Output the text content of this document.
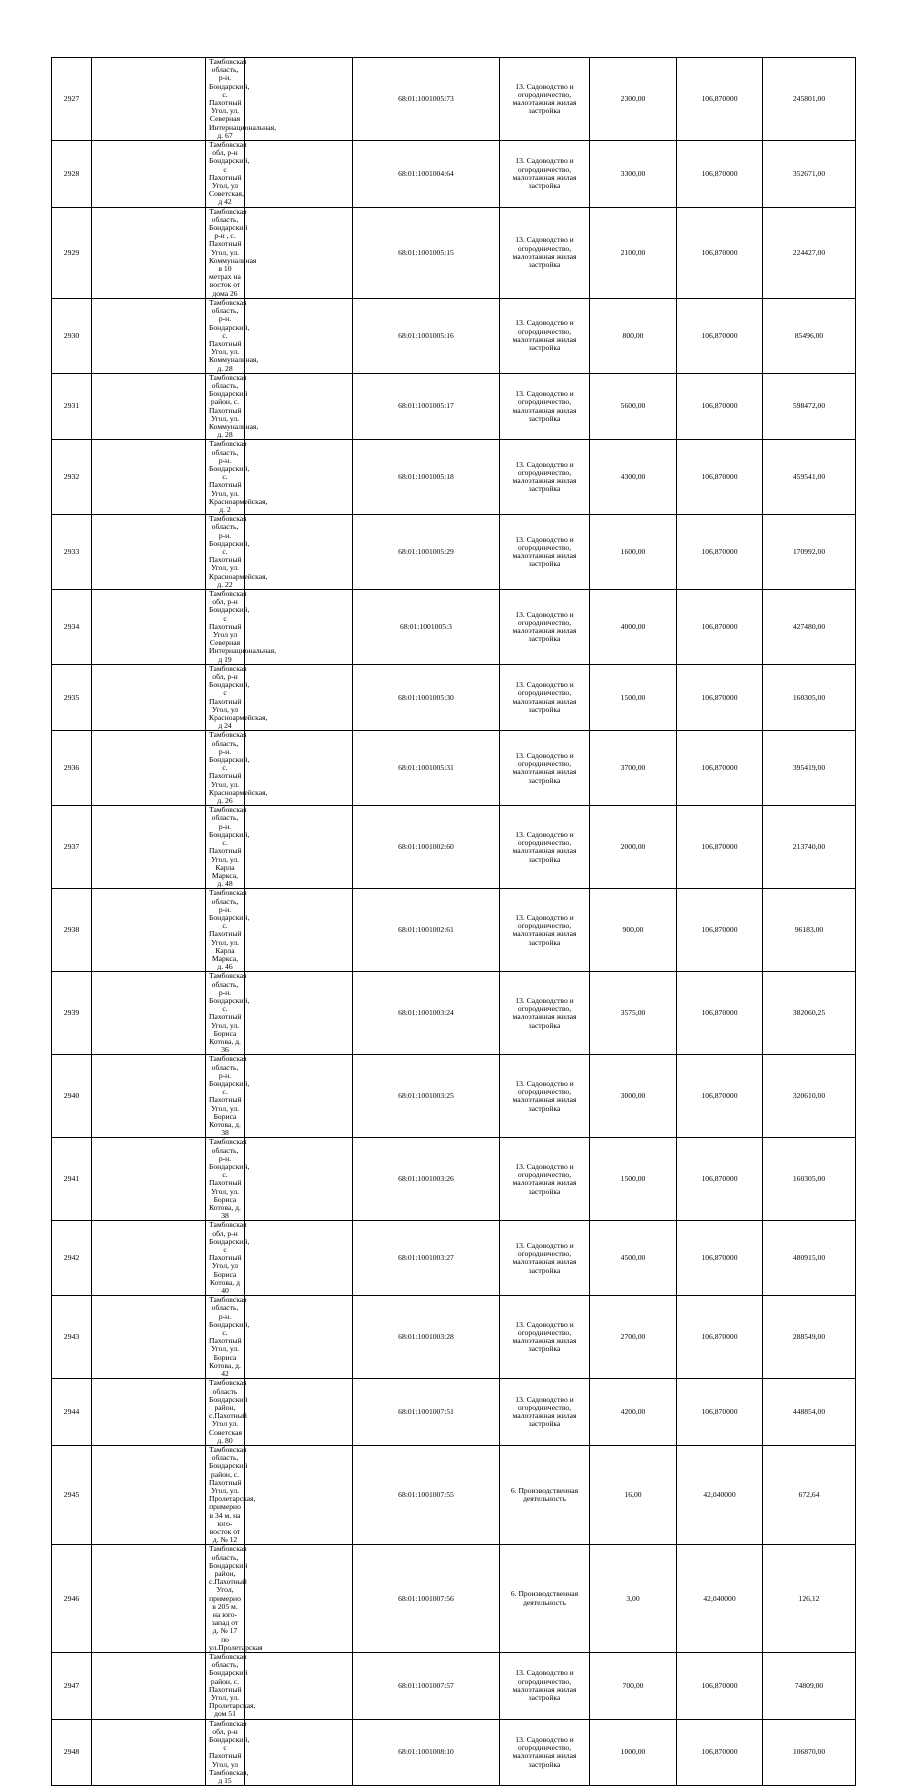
2927		Тамбовская область, р-н. Бондарский, с. Пахотный Угол, ул. Северная Интернациональная, д. 67		68:01:1001005:73	13. Садоводство и огородничество, малоэтажная жилая застройка	2300,00	106,870000	245801,00
2928		Тамбовская обл, р-н Бондарский, с Пахотный Угол, ул Советская, д 42		68:01:1001004:64	13. Садоводство и огородничество, малоэтажная жилая застройка	3300,00	106,870000	352671,00
2929		Тамбовская область, Бондарский р-н , с. Пахотный Угол, ул. Коммунальная в 10 метрах на восток от дома 26		68:01:1001005:15	13. Садоводство и огородничество, малоэтажная жилая застройка	2100,00	106,870000	224427,00
2930		Тамбовская область, р-н. Бондарский, с. Пахотный Угол, ул. Коммунальная, д. 28		68:01:1001005:16	13. Садоводство и огородничество, малоэтажная жилая застройка	800,00	106,870000	85496,00
2931		Тамбовская область, Бондарский район, с. Пахотный Угол, ул. Коммунальная, д. 28		68:01:1001005:17	13. Садоводство и огородничество, малоэтажная жилая застройка	5600,00	106,870000	598472,00
2932		Тамбовская область, р-н. Бондарский, с. Пахотный Угол, ул. Красноармейская, д. 2		68:01:1001005:18	13. Садоводство и огородничество, малоэтажная жилая застройка	4300,00	106,870000	459541,00
2933		Тамбовская область, р-н. Бондарский, с. Пахотный Угол, ул. Красноармейская, д. 22		68:01:1001005:29	13. Садоводство и огородничество, малоэтажная жилая застройка	1600,00	106,870000	170992,00
2934		Тамбовская обл, р-н Бондарский, с Пахотный Угол ул Северная Интернациональная, д 19		68:01:1001005:3	13. Садоводство и огородничество, малоэтажная жилая застройка	4000,00	106,870000	427480,00
2935		Тамбовская обл, р-н Бондарский, с Пахотный Угол, ул Красноармейская, д 24		68:01:1001005:30	13. Садоводство и огородничество, малоэтажная жилая застройка	1500,00	106,870000	160305,00
2936		Тамбовская область, р-н. Бондарский, с. Пахотный Угол, ул. Красноармейская, д. 26		68:01:1001005:31	13. Садоводство и огородничество, малоэтажная жилая застройка	3700,00	106,870000	395419,00
2937		Тамбовская область, р-н. Бондарский, с. Пахотный Угол, ул. Карла Маркса, д. 48		68:01:1001002:60	13. Садоводство и огородничество, малоэтажная жилая застройка	2000,00	106,870000	213740,00
2938		Тамбовская область, р-н. Бондарский, с. Пахотный Угол, ул. Карла Маркса, д. 46		68:01:1001002:61	13. Садоводство и огородничество, малоэтажная жилая застройка	900,00	106,870000	96183,00
2939		Тамбовская область, р-н. Бондарский, с. Пахотный Угол, ул. Бориса Котова, д. 36		68:01:1001003:24	13. Садоводство и огородничество, малоэтажная жилая застройка	3575,00	106,870000	382060,25
2940		Тамбовская область, р-н. Бондарский, с. Пахотный Угол, ул. Бориса Котова, д. 38		68:01:1001003:25	13. Садоводство и огородничество, малоэтажная жилая застройка	3000,00	106,870000	320610,00
2941		Тамбовская область, р-н. Бондарский, с. Пахотный Угол, ул. Бориса Котова, д. 38		68:01:1001003:26	13. Садоводство и огородничество, малоэтажная жилая застройка	1500,00	106,870000	160305,00
2942		Тамбовская обл, р-н Бондарский, с Пахотный Угол, ул Бориса Котова, д 40		68:01:1001003:27	13. Садоводство и огородничество, малоэтажная жилая застройка	4500,00	106,870000	480915,00
2943		Тамбовская область, р-н. Бондарский, с. Пахотный Угол, ул. Бориса Котова, д. 42		68:01:1001003:28	13. Садоводство и огородничество, малоэтажная жилая застройка	2700,00	106,870000	288549,00
2944		Тамбовская область Бондарский район, с.Пахотный Угол ул. Советская д. 80		68:01:1001007:51	13. Садоводство и огородничество, малоэтажная жилая застройка	4200,00	106,870000	448854,00
2945		Тамбовская область, Бондарский район, с. Пахотный Угол, ул. Пролетарская, примерно в 34 м. на юго-восток от д. № 12		68:01:1001007:55	6. Производственная деятельность	16,00	42,040000	672,64
2946		Тамбовская область, Бондарский район, с.Пахотный Угол, примерно в 205 м. на юго-запад от д. № 17 по ул.Пролетарская		68:01:1001007:56	6. Производственная деятельность	3,00	42,040000	126,12
2947		Тамбовская область, Бондарский район, с. Пахотный Угол, ул. Пролетарская, дом 51		68:01:1001007:57	13. Садоводство и огородничество, малоэтажная жилая застройка	700,00	106,870000	74809,00
2948		Тамбовская обл, р-н Бондарский, с Пахотный Угол, ул Тамбовская, д 15		68:01:1001008:10	13. Садоводство и огородничество, малоэтажная жилая застройка	1000,00	106,870000	106870,00
